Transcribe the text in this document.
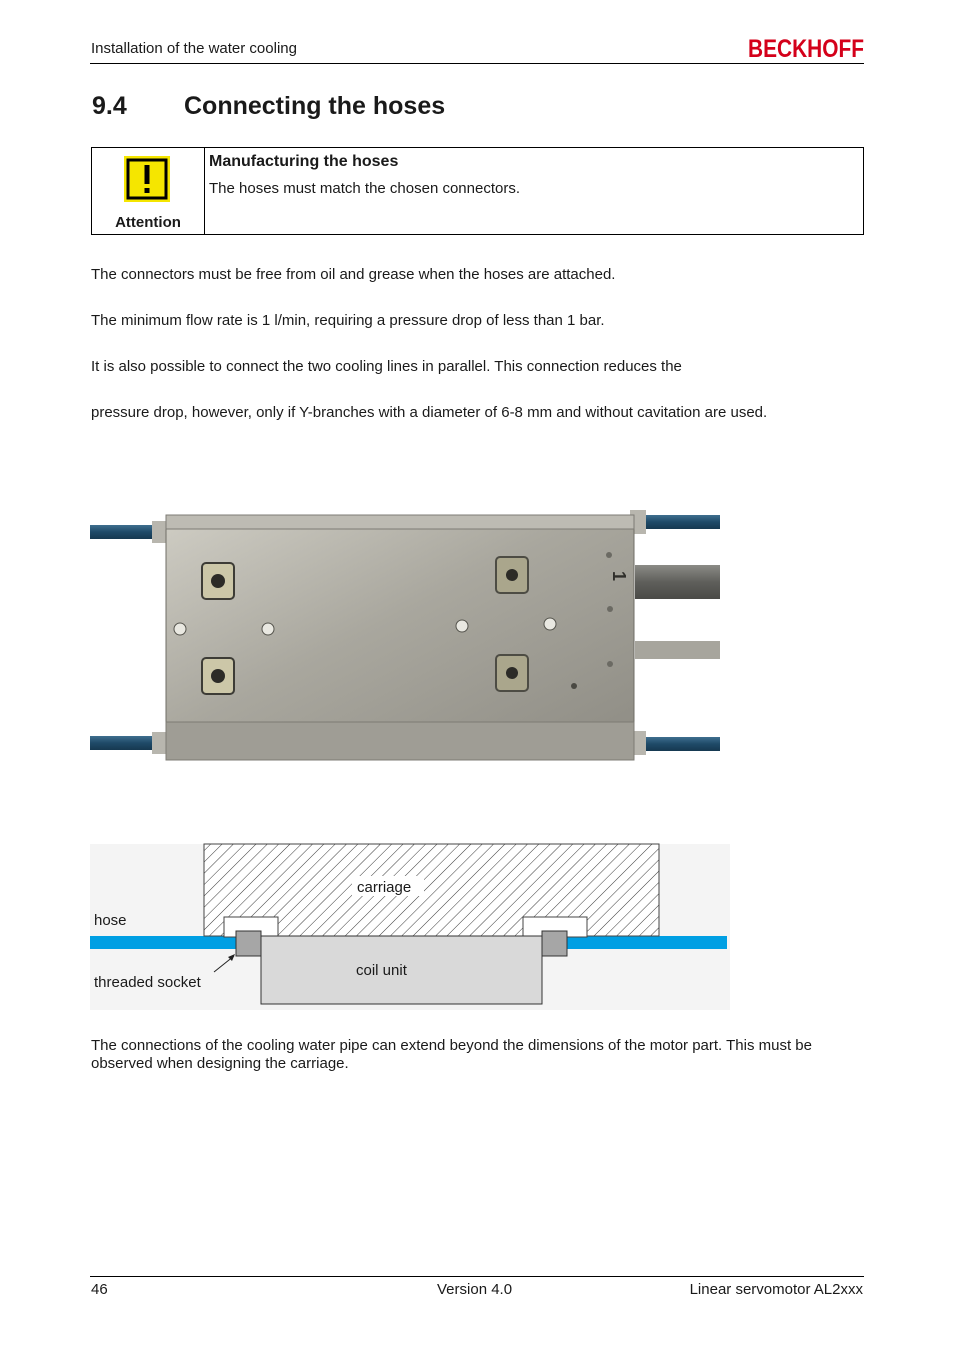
Installation of the water cooling	BECKHOFF
9.4 Connecting the hoses
Attention
Manufacturing the hoses
The hoses must match the chosen connectors.
The connectors must be free from oil and grease when the hoses are attached.
The minimum flow rate is 1 l/min, requiring a pressure drop of less than 1 bar.
It is also possible to connect the two cooling lines in parallel. This connection reduces the
pressure drop, however, only if Y-branches with a diameter of 6-8 mm and without cavitation are used.
1
carriage
coil unit
hose
threaded socket
The connections of the cooling water pipe can extend beyond the dimensions of the motor part. This must be observed when designing the carriage.
46	Version 4.0	Linear servomotor AL2xxx
